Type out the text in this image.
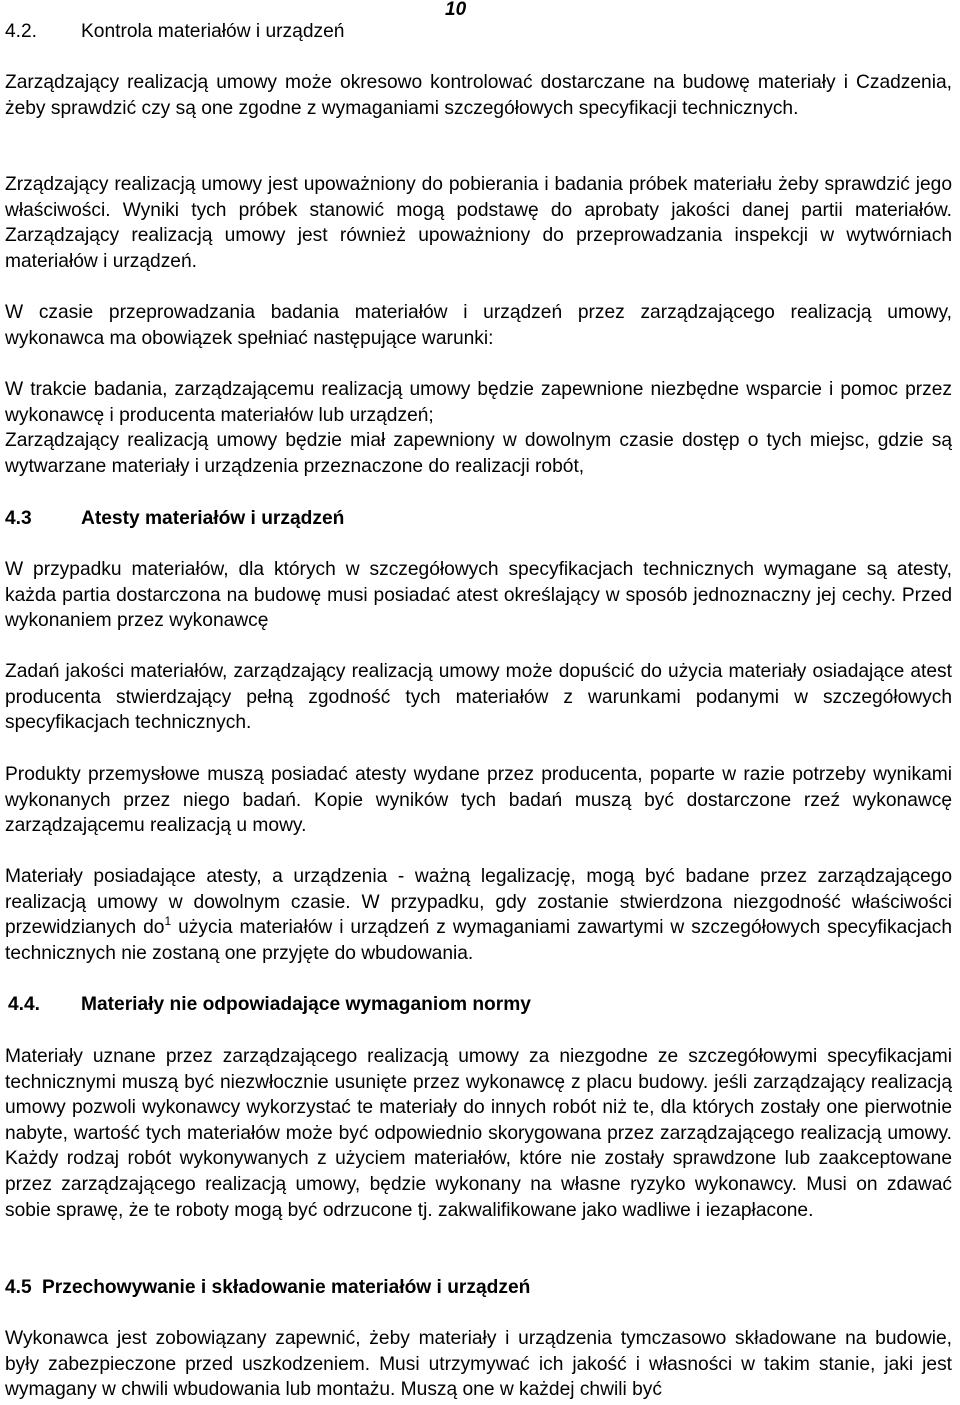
10
4.2. Kontrola materiałów i urządzeń

Zarządzający realizacją umowy może okresowo kontrolować dostarczane na budowę materiały i Czadzenia, żeby sprawdzić czy są one zgodne z wymaganiami szczegółowych specyfikacji technicznych.

Zrządzający realizacją umowy jest upoważniony do pobierania i badania próbek materiału żeby sprawdzić jego właściwości. Wyniki tych próbek stanowić mogą podstawę do aprobaty jakości danej partii materiałów. Zarządzający realizacją umowy jest również upoważniony do przeprowadzania inspekcji w wytwórniach materiałów i urządzeń.

W czasie przeprowadzania badania materiałów i urządzeń przez zarządzającego realizacją umowy, wykonawca ma obowiązek spełniać następujące warunki:

W trakcie badania, zarządzającemu realizacją umowy będzie zapewnione niezbędne wsparcie i pomoc przez wykonawcę i producenta materiałów lub urządzeń;

Zarządzający realizacją umowy będzie miał zapewniony w dowolnym czasie dostęp o tych miejsc, gdzie są wytwarzane materiały i urządzenia przeznaczone do realizacji robót,

4.3	Atesty materiałów i urządzeń

W przypadku materiałów, dla których w szczegółowych specyfikacjach technicznych wymagane są atesty, każda partia dostarczona na budowę musi posiadać atest określający w sposób jednoznaczny jej cechy. Przed wykonaniem przez wykonawcę

Zadań jakości materiałów, zarządzający realizacją umowy może dopuścić do użycia materiały osiadające atest producenta stwierdzający pełną zgodność tych materiałów z warunkami podanymi w szczegółowych specyfikacjach technicznych.

Produkty przemysłowe muszą posiadać atesty wydane przez producenta, poparte w razie potrzeby wynikami wykonanych przez niego badań. Kopie wyników tych badań muszą być dostarczone rzeź wykonawcę zarządzającemu realizacją u mowy.

Materiały posiadające atesty, a urządzenia - ważną legalizację, mogą być badane przez zarządzającego realizacją umowy w dowolnym czasie. W przypadku, gdy zostanie stwierdzona niezgodność właściwości przewidzianych $do^1$ użycia materiałów i urządzeń z wymaganiami zawartymi w szczegółowych specyfikacjach technicznych nie zostaną one przyjęte do wbudowania.

4.4. Materiały nie odpowiadające wymaganiom normy

Materiały uznane przez zarządzającego realizacją umowy za niezgodne ze szczegółowymi specyfikacjami technicznymi muszą być niezwłocznie usunięte przez wykonawcę z placu budowy. jeśli zarządzający realizacją umowy pozwoli wykonawcy wykorzystać te materiały do innych robót niż te, dla których zostały one pierwotnie nabyte, wartość tych materiałów może być odpowiednio skorygowana przez zarządzającego realizacją umowy. Każdy rodzaj robót wykonywanych z użyciem materiałów, które nie zostały sprawdzone lub zaakceptowane przez zarządzającego realizacją umowy, będzie wykonany na własne ryzyko wykonawcy. Musi on zdawać sobie sprawę, że te roboty mogą być odrzucone tj. zakwalifikowane jako wadliwe i iezapłacone.

4.5 Przechowywanie i składowanie materiałów i urządzeń

Wykonawca jest zobowiązany zapewnić, żeby materiały i urządzenia tymczasowo składowane na budowie, były zabezpieczone przed uszkodzeniem. Musi utrzymywać ich jakość i własności w takim stanie, jaki jest wymagany w chwili wbudowania lub montażu. Muszą one w każdej chwili być
